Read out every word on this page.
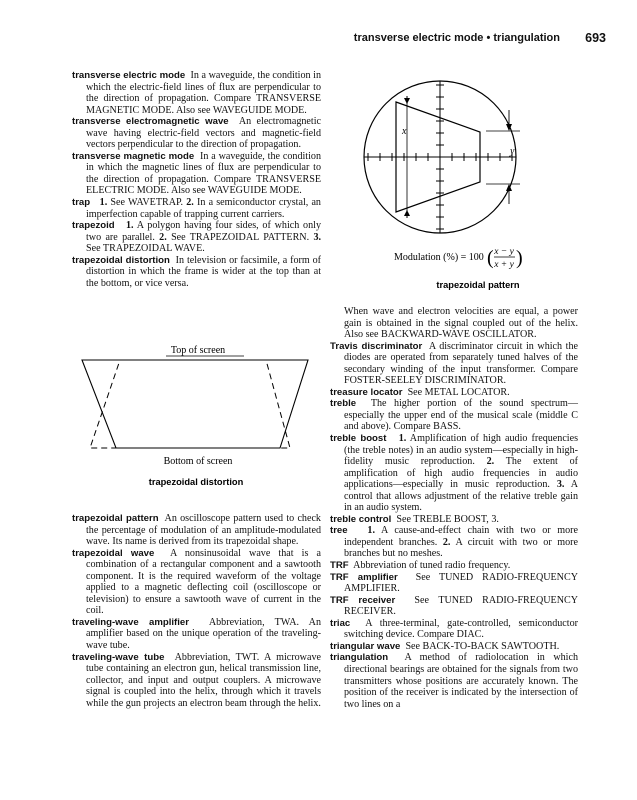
transverse electric mode • triangulation 693
transverse electric mode In a waveguide, the condition in which the electric-field lines of flux are perpendicular to the direction of propagation. Compare TRANSVERSE MAGNETIC MODE. Also see WAVEGUIDE MODE.
transverse electromagnetic wave An electromagnetic wave having electric-field vectors and magnetic-field vectors perpendicular to the direction of propagation.
transverse magnetic mode In a waveguide, the condition in which the magnetic lines of flux are perpendicular to the direction of propagation. Compare TRANSVERSE ELECTRIC MODE. Also see WAVEGUIDE MODE.
trap 1. See WAVETRAP. 2. In a semiconductor crystal, an imperfection capable of trapping current carriers.
trapezoid 1. A polygon having four sides, of which only two are parallel. 2. See TRAPEZOIDAL PATTERN. 3. See TRAPEZOIDAL WAVE.
trapezoidal distortion In television or facsimile, a form of distortion in which the frame is wider at the top than at the bottom, or vice versa.
Top of screen
Bottom of screen
trapezoidal distortion
trapezoidal pattern An oscilloscope pattern used to check the percentage of modulation of an amplitude-modulated wave. Its name is derived from its trapezoidal shape.
trapezoidal wave A nonsinusoidal wave that is a combination of a rectangular component and a sawtooth component. It is the required waveform of the voltage applied to a magnetic deflecting coil (oscilloscope or television) to ensure a sawtooth wave of current in the coil.
traveling-wave amplifier Abbreviation, TWA. An amplifier based on the unique operation of the traveling-wave tube.
traveling-wave tube Abbreviation, TWT. A microwave tube containing an electron gun, helical transmission line, collector, and input and output couplers. A microwave signal is coupled into the helix, through which it travels while the gun projects an electron beam through the helix.
x
y
Modulation (%) = 100 ( x − y
x + y )
trapezoidal pattern
When wave and electron velocities are equal, a power gain is obtained in the signal coupled out of the helix. Also see BACKWARD-WAVE OSCILLATOR.
Travis discriminator A discriminator circuit in which the diodes are operated from separately tuned halves of the secondary winding of the input transformer. Compare FOSTER-SEELEY DISCRIMINATOR.
treasure locator See METAL LOCATOR.
treble The higher portion of the sound spectrum—especially the upper end of the musical scale (middle C and above). Compare BASS.
treble boost 1. Amplification of high audio frequencies (the treble notes) in an audio system—especially in high-fidelity music reproduction. 2. The extent of amplification of high audio frequencies in audio applications—especially in music reproduction. 3. A control that allows adjustment of the relative treble gain in an audio system.
treble control See TREBLE BOOST, 3.
tree 1. A cause-and-effect chain with two or more independent branches. 2. A circuit with two or more branches but no meshes.
TRF Abbreviation of tuned radio frequency.
TRF amplifier See TUNED RADIO-FREQUENCY AMPLIFIER.
TRF receiver See TUNED RADIO-FREQUENCY RECEIVER.
triac A three-terminal, gate-controlled, semiconductor switching device. Compare DIAC.
triangular wave See BACK-TO-BACK SAWTOOTH.
triangulation A method of radiolocation in which directional bearings are obtained for the signals from two transmitters whose positions are accurately known. The position of the receiver is indicated by the intersection of two lines on a
